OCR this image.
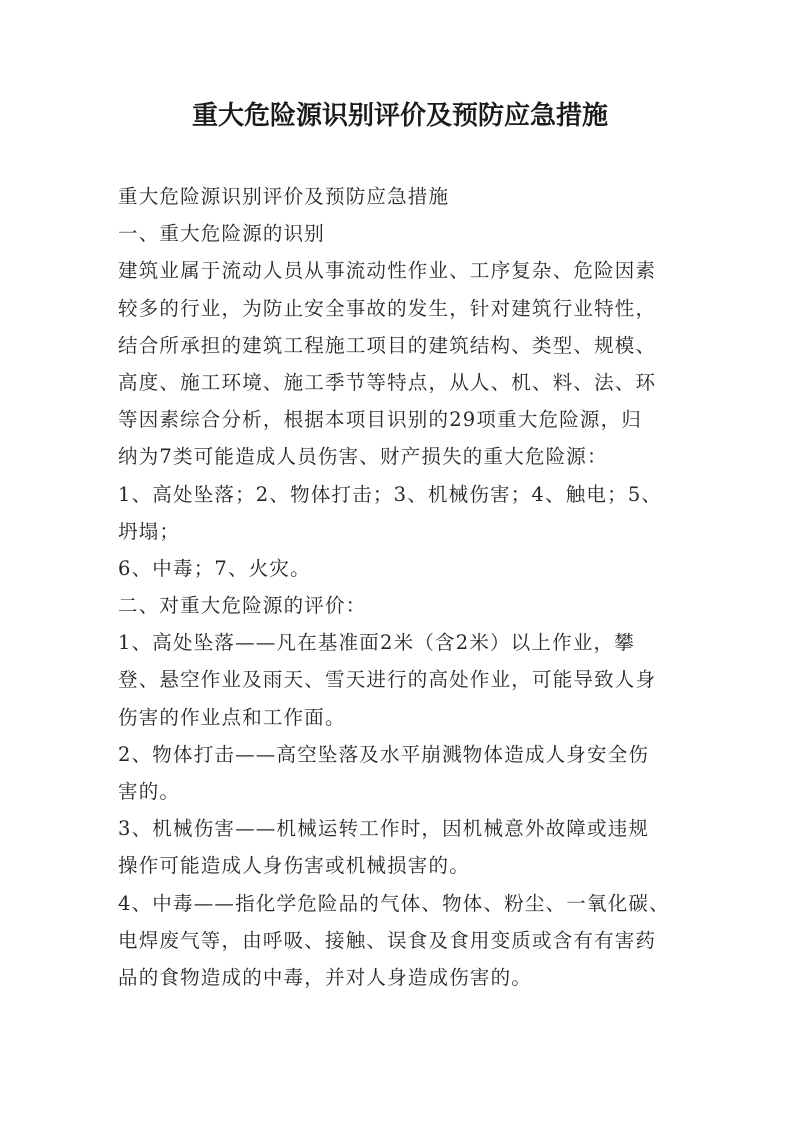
重大危险源识别评价及预防应急措施

重大危险源识别评价及预防应急措施

一、重大危险源的识别

建筑业属于流动人员从事流动性作业、工序复杂、危险因素

较多的行业，为防止安全事故的发生，针对建筑行业特性，

结合所承担的建筑工程施工项目的建筑结构、类型、规模、

高度、施工环境、施工季节等特点，从人、机、料、法、环

等因素综合分析，根据本项目识别的29项重大危险源，归

纳为7类可能造成人员伤害、财产损失的重大危险源：

1、高处坠落；2、物体打击；3、机械伤害；4、触电；5、

坍塌；

6、中毒；7、火灾。

二、对重大危险源的评价：

1、高处坠落——凡在基准面2米（含2米）以上作业，攀

登、悬空作业及雨天、雪天进行的高处作业，可能导致人身

伤害的作业点和工作面。

2、物体打击——高空坠落及水平崩溅物体造成人身安全伤

害的。

3、机械伤害——机械运转工作时，因机械意外故障或违规

操作可能造成人身伤害或机械损害的。

4、中毒——指化学危险品的气体、物体、粉尘、一氧化碳、

电焊废气等，由呼吸、接触、误食及食用变质或含有有害药

品的食物造成的中毒，并对人身造成伤害的。
